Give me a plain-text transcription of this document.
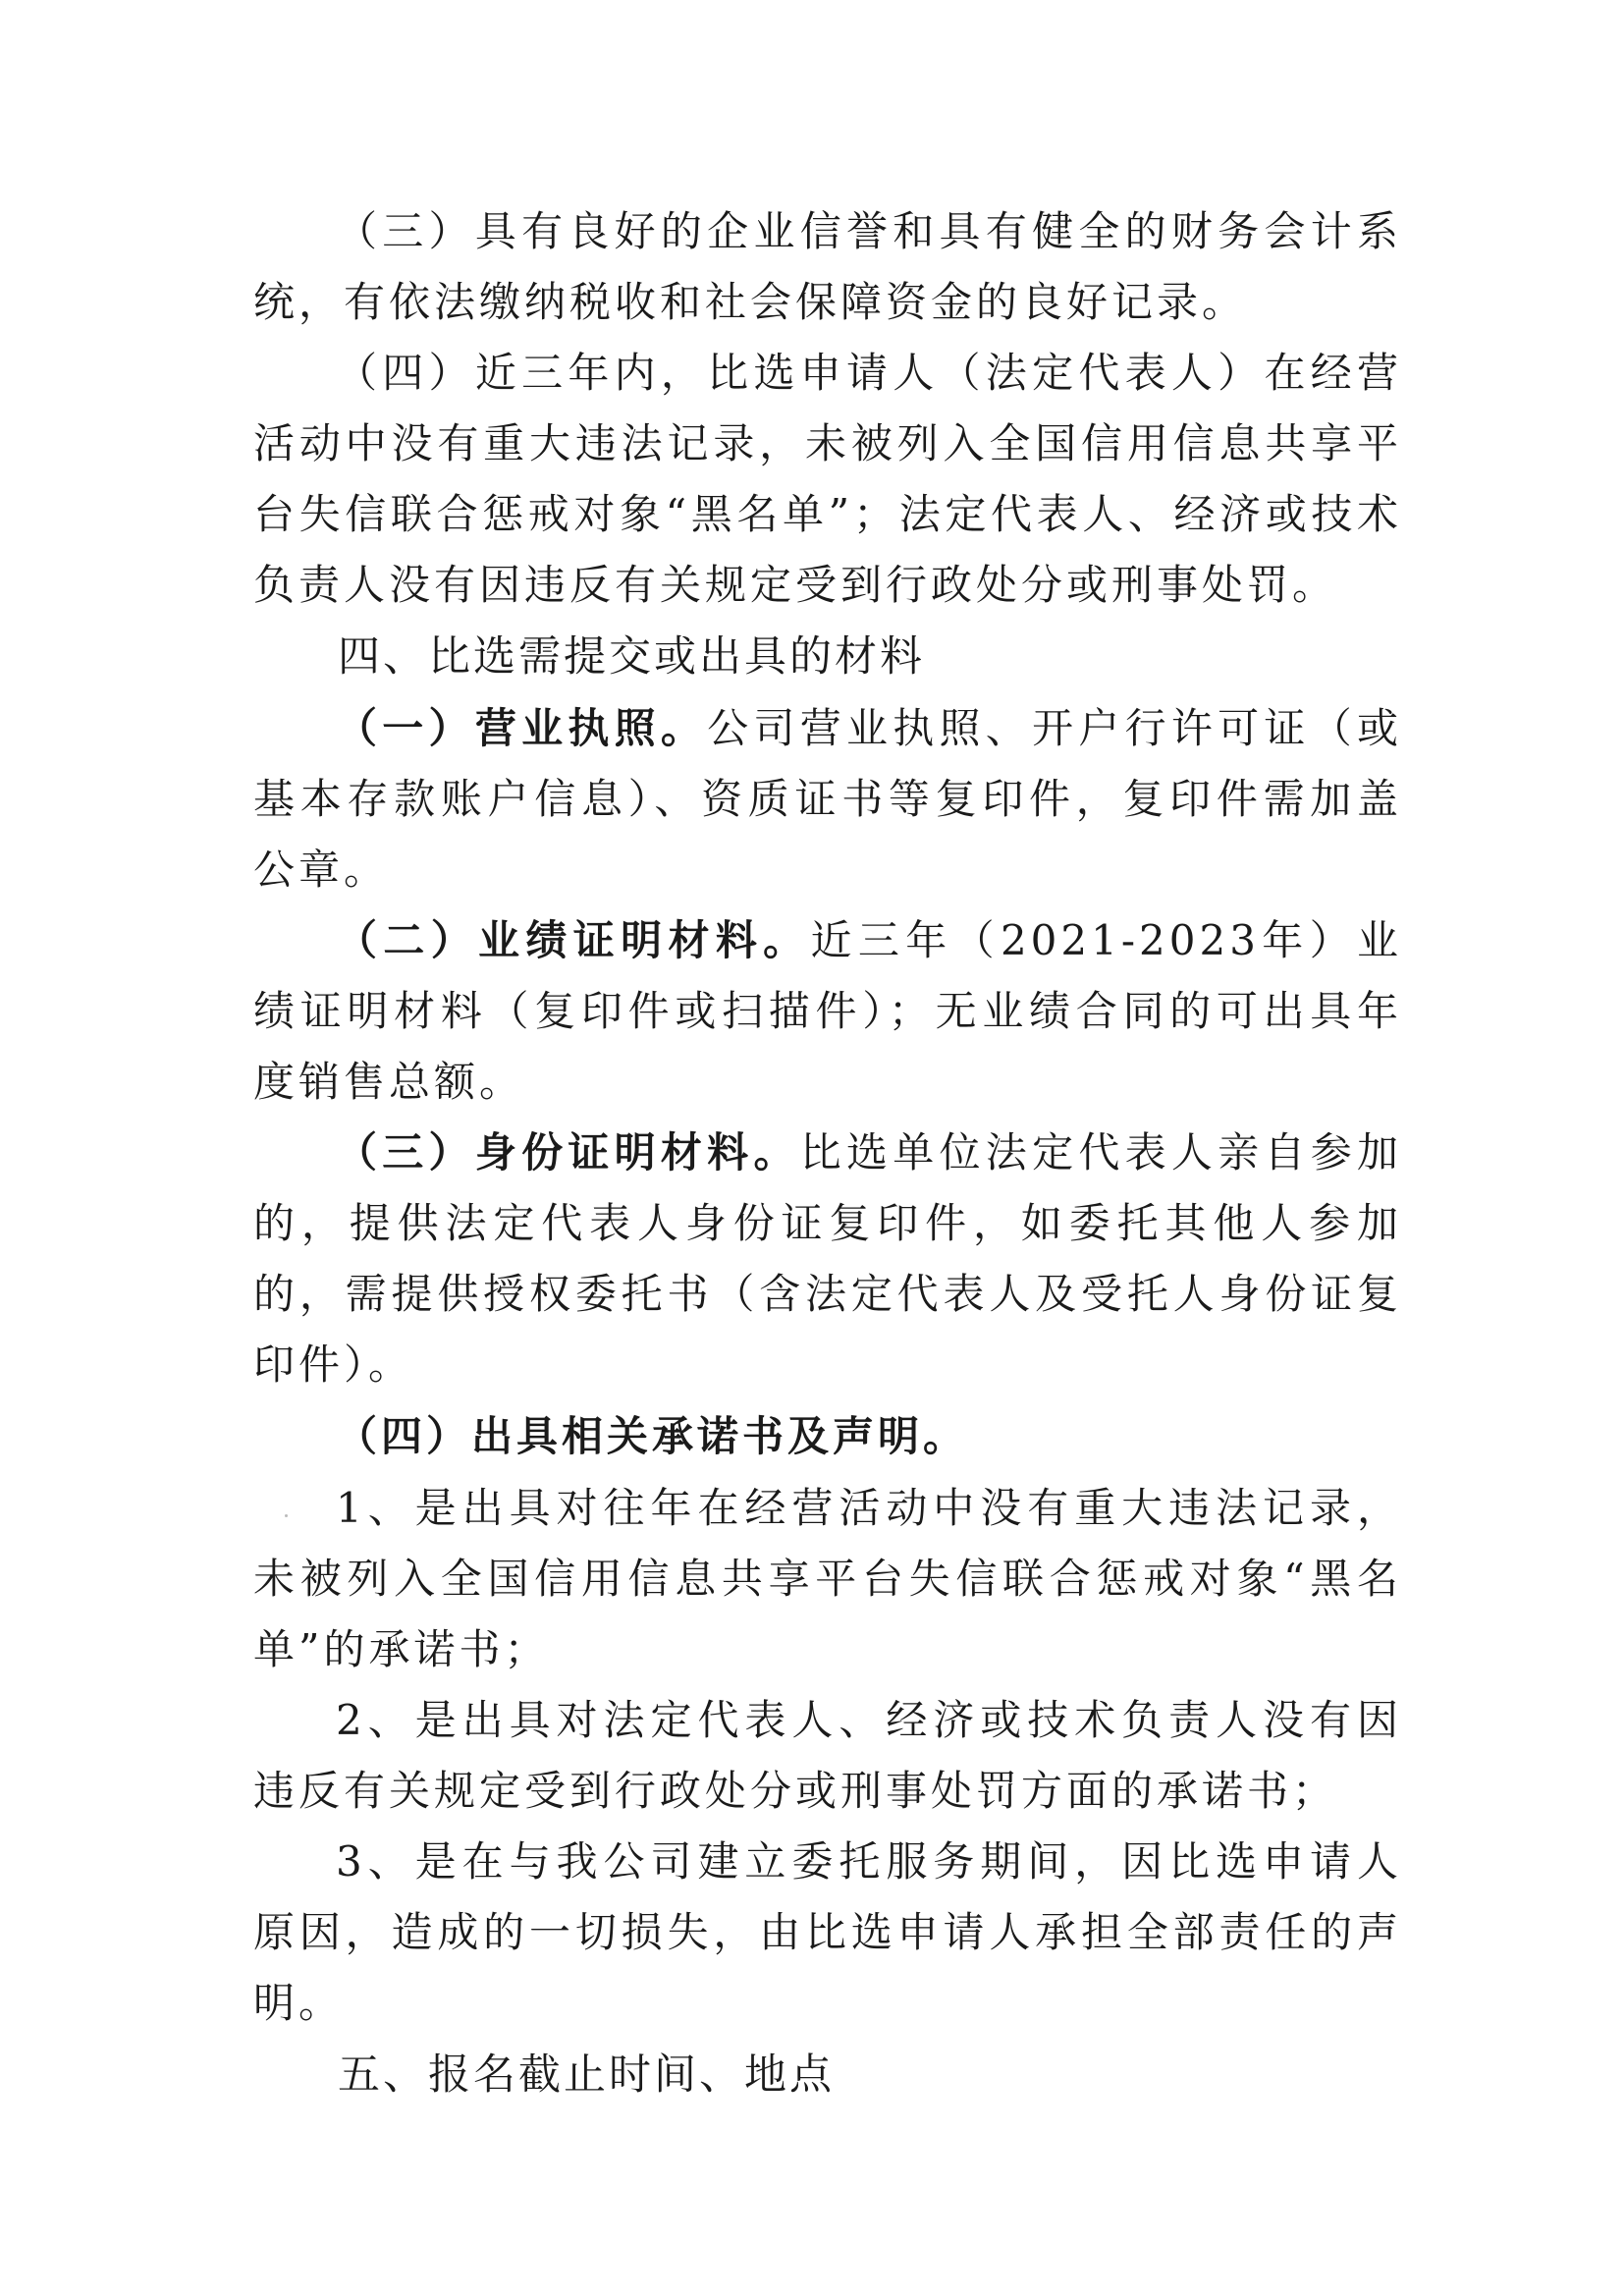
（三）具有良好的企业信誉和具有健全的财务会计系统，有依法缴纳税收和社会保障资金的良好记录。

（四）近三年内，比选申请人（法定代表人）在经营活动中没有重大违法记录，未被列入全国信用信息共享平台失信联合惩戒对象“黑名单”；法定代表人、经济或技术负责人没有因违反有关规定受到行政处分或刑事处罚。

四、比选需提交或出具的材料

（一）营业执照。公司营业执照、开户行许可证（或基本存款账户信息）、资质证书等复印件，复印件需加盖公章。

（二）业绩证明材料。近三年（2021-2023年）业绩证明材料（复印件或扫描件）；无业绩合同的可出具年度销售总额。

（三）身份证明材料。比选单位法定代表人亲自参加的，提供法定代表人身份证复印件，如委托其他人参加的，需提供授权委托书（含法定代表人及受托人身份证复印件）。

（四）出具相关承诺书及声明。

1、是出具对往年在经营活动中没有重大违法记录，未被列入全国信用信息共享平台失信联合惩戒对象“黑名单”的承诺书；

2、是出具对法定代表人、经济或技术负责人没有因违反有关规定受到行政处分或刑事处罚方面的承诺书；

3、是在与我公司建立委托服务期间，因比选申请人原因，造成的一切损失，由比选申请人承担全部责任的声明。

五、报名截止时间、地点
